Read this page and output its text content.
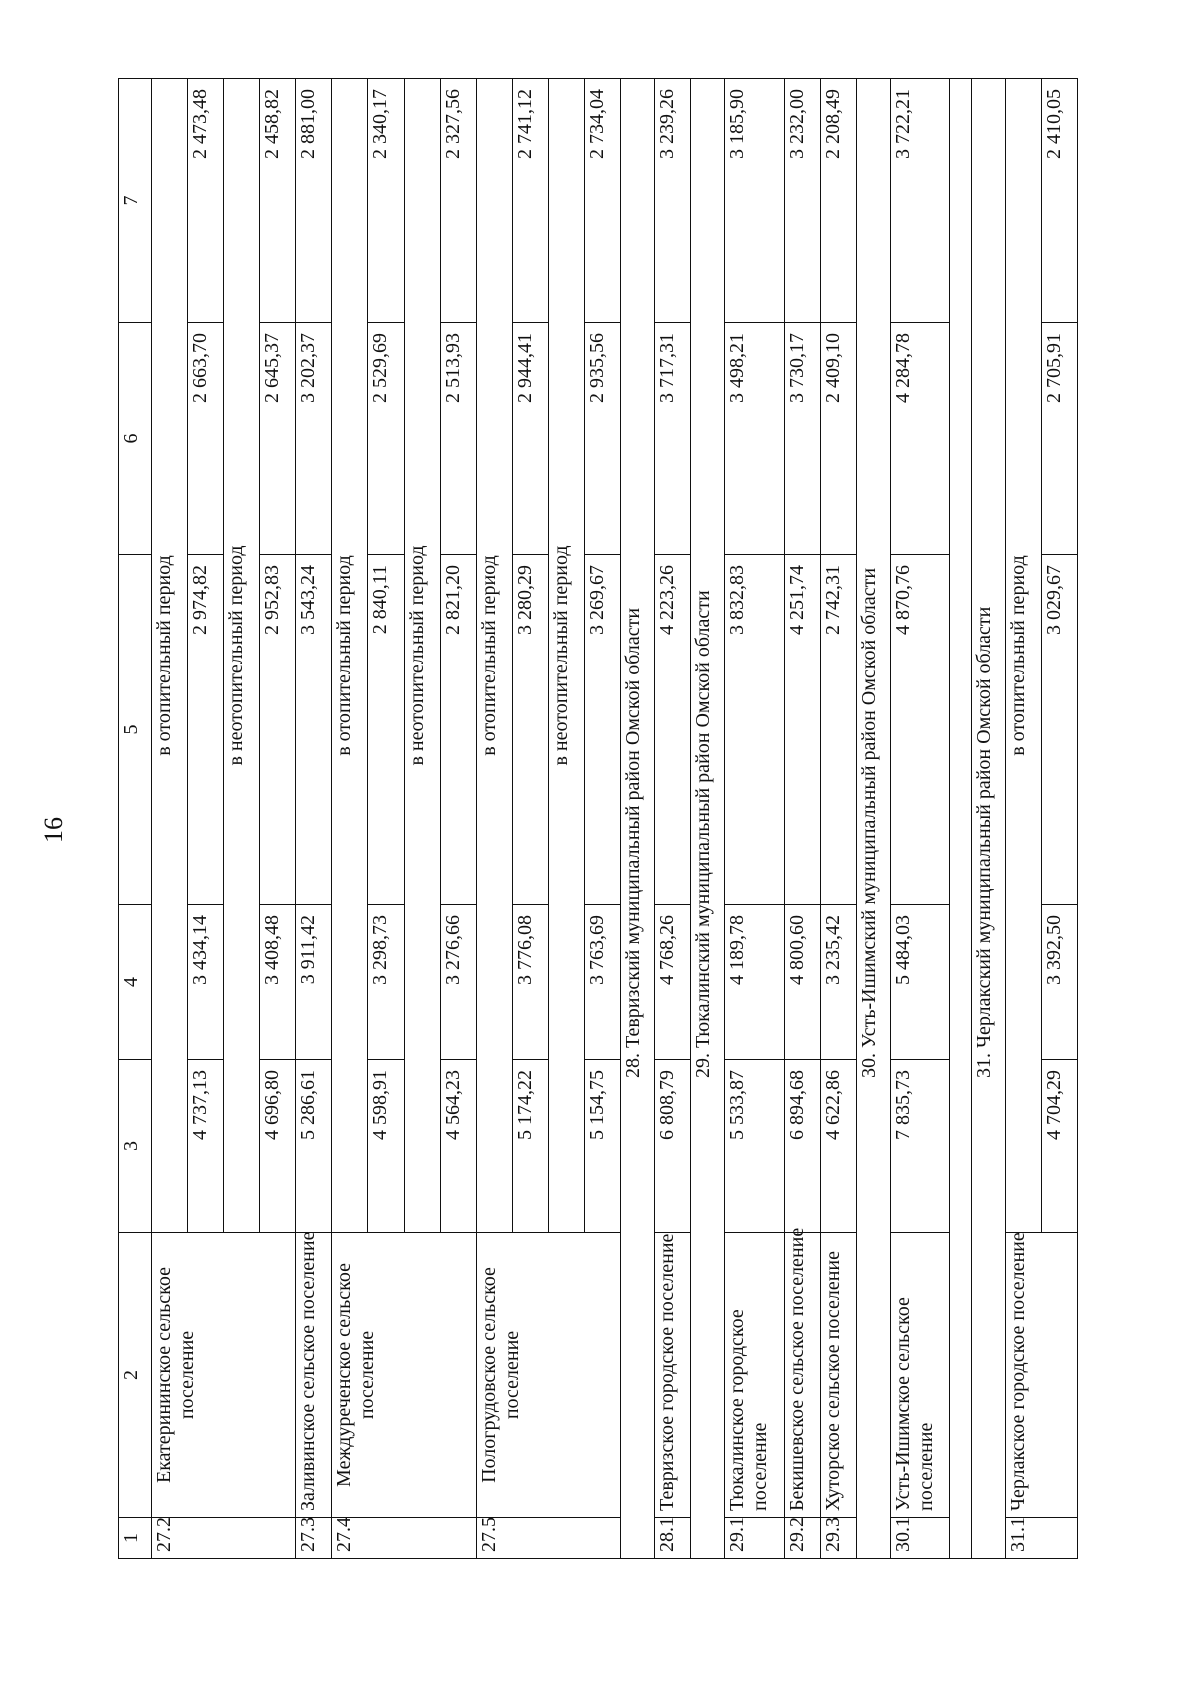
16
1	2	3	4	5	6	7
27.2	Екатерининское сельское поселение	в отопительный период				
		4 737,13	3 434,14	2 974,82	2 663,70	2 473,48
		в неотопительный период				
		4 696,80	3 408,48	2 952,83	2 645,37	2 458,82
27.3	Заливинское сельское поселение	5 286,61	3 911,42	3 543,24	3 202,37	2 881,00
27.4	Междуреченское сельское поселение	в отопительный период				
		4 598,91	3 298,73	2 840,11	2 529,69	2 340,17
		в неотопительный период				
		4 564,23	3 276,66	2 821,20	2 513,93	2 327,56
27.5	Пологрудовское сельское поселение	в отопительный период				
		5 174,22	3 776,08	3 280,29	2 944,41	2 741,12
		в неотопительный период				
		5 154,75	3 763,69	3 269,67	2 935,56	2 734,04
28. Тевризский муниципальный район Омской области						
28.1	Тевризское городское поселение	6 808,79	4 768,26	4 223,26	3 717,31	3 239,26
29. Тюкалинский муниципальный район Омской области						
29.1	Тюкалинское городское поселение	5 533,87	4 189,78	3 832,83	3 498,21	3 185,90
29.2	Бекишевское сельское поселение	6 894,68	4 800,60	4 251,74	3 730,17	3 232,00
29.3	Хуторское сельское поселение	4 622,86	3 235,42	2 742,31	2 409,10	2 208,49
30. Усть-Ишимский муниципальный район Омской области						
30.1	Усть-Ишимское сельское поселение	7 835,73	5 484,03	4 870,76	4 284,78	3 722,21

31. Черлакский муниципальный район Омской области						
31.1	Черлакское городское поселение	в отопительный период				
		4 704,29	3 392,50	3 029,67	2 705,91	2 410,05
